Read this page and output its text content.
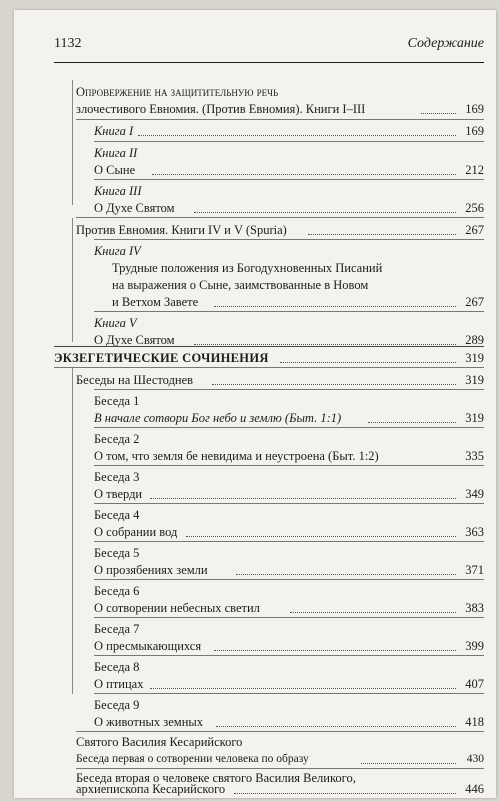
1132	Содержание
Опровержение на защитительную речь
злочестивого Евномия. (Против Евномия). Книги I–III	169
Книга I	169
Книга II
О Сыне	212
Книга III
О Духе Святом	256
Против Евномия. Книги IV и V (Spuria)	267
Книга IV
Трудные положения из Богодухновенных Писаний
на выражения о Сыне, заимствованные в Новом
и Ветхом Завете	267
Книга V
О Духе Святом	289
ЭКЗЕГЕТИЧЕСКИЕ СОЧИНЕНИЯ	319
Беседы на Шестоднев	319
Беседа 1
В начале сотвори Бог небо и землю (Быт. 1:1)	319
Беседа 2
О том, что земля бе невидима и неустроена (Быт. 1:2)	335
Беседа 3
О тверди	349
Беседа 4
О собрании вод	363
Беседа 5
О прозябениях земли	371
Беседа 6
О сотворении небесных светил	383
Беседа 7
О пресмыкающихся	399
Беседа 8
О птицах	407
Беседа 9
О животных земных	418
Святого Василия Кесарийского
Беседа первая о сотворении человека по образу	430
Беседа вторая о человеке святого Василия Великого,
архиепископа Кесарийского	446
